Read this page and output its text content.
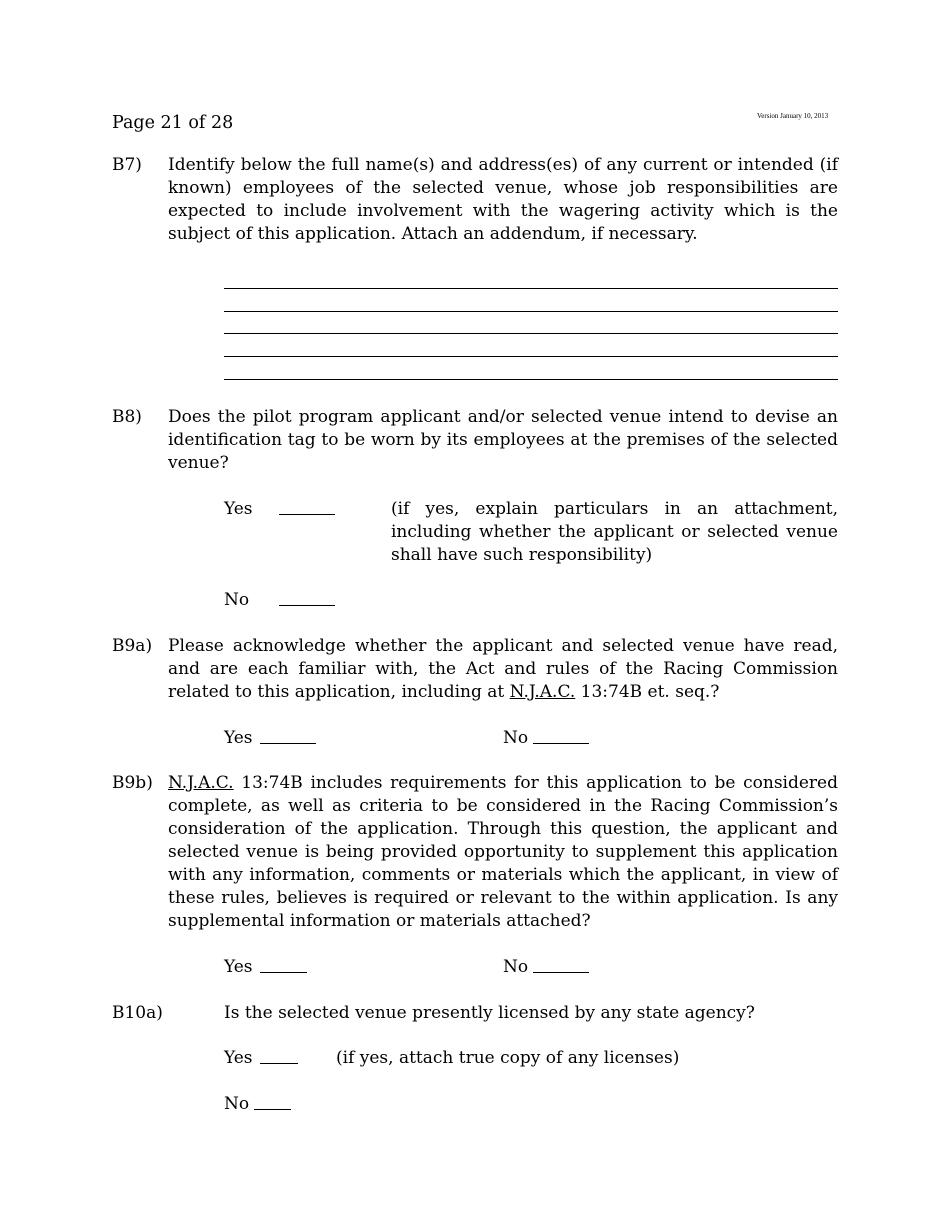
Page 21 of 28	Version January 10, 2013
B7) Identify below the full name(s) and address(es) of any current or intended (if known) employees of the selected venue, whose job responsibilities are expected to include involvement with the wagering activity which is the subject of this application. Attach an addendum, if necessary.

B8) Does the pilot program applicant and/or selected venue intend to devise an identification tag to be worn by its employees at the premises of the selected venue?

Yes	(if yes, explain particulars in an attachment, including whether the applicant or selected venue shall have such responsibility)

No
B9a) Please acknowledge whether the applicant and selected venue have read, and are each familiar with, the Act and rules of the Racing Commission related to this application, including at N.J.A.C. 13:74B et. seq.?

Yes	No
B9b) N.J.A.C. 13:74B includes requirements for this application to be considered complete, as well as criteria to be considered in the Racing Commission’s consideration of the application. Through this question, the applicant and selected venue is being provided opportunity to supplement this application with any information, comments or materials which the applicant, in view of these rules, believes is required or relevant to the within application. Is any supplemental information or materials attached?

Yes	No
B10a)	Is the selected venue presently licensed by any state agency?
Yes	(if yes, attach true copy of any licenses)
No
